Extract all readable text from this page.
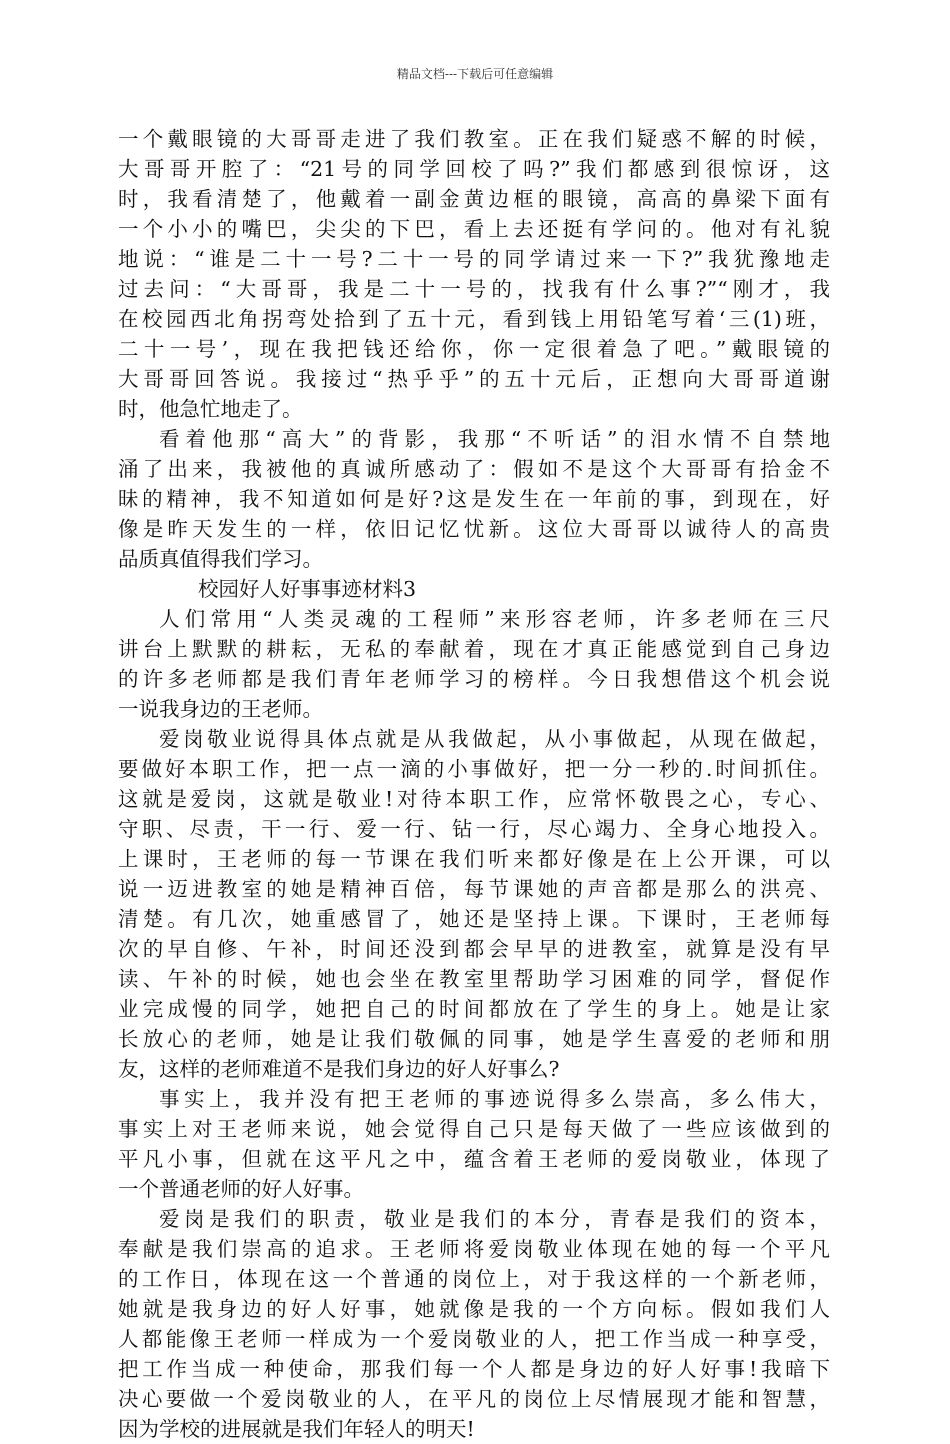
精品文档---下载后可任意编辑
一个戴眼镜的大哥哥走进了我们教室。正在我们疑惑不解的时候，
大哥哥开腔了：“21号的同学回校了吗?”我们都感到很惊讶，这
时，我看清楚了，他戴着一副金黄边框的眼镜，高高的鼻梁下面有
一个小小的嘴巴，尖尖的下巴，看上去还挺有学问的。他对有礼貌
地说：“谁是二十一号?二十一号的同学请过来一下?”我犹豫地走
过去问：“大哥哥，我是二十一号的，找我有什么事?”“刚才，我
在校园西北角拐弯处拾到了五十元，看到钱上用铅笔写着‘三(1)班，
二十一号’，现在我把钱还给你，你一定很着急了吧。”戴眼镜的
大哥哥回答说。我接过“热乎乎”的五十元后，正想向大哥哥道谢
时，他急忙地走了。
看着他那“高大”的背影，我那“不听话”的泪水情不自禁地
涌了出来，我被他的真诚所感动了：假如不是这个大哥哥有拾金不
昧的精神，我不知道如何是好?这是发生在一年前的事，到现在，好
像是昨天发生的一样，依旧记忆忧新。这位大哥哥以诚待人的高贵
品质真值得我们学习。
校园好人好事事迹材料3
人们常用“人类灵魂的工程师”来形容老师，许多老师在三尺
讲台上默默的耕耘，无私的奉献着，现在才真正能感觉到自己身边
的许多老师都是我们青年老师学习的榜样。今日我想借这个机会说
一说我身边的王老师。
爱岗敬业说得具体点就是从我做起，从小事做起，从现在做起，
要做好本职工作，把一点一滴的小事做好，把一分一秒的.时间抓住。
这就是爱岗，这就是敬业!对待本职工作，应常怀敬畏之心，专心、
守职、尽责，干一行、爱一行、钻一行，尽心竭力、全身心地投入。
上课时，王老师的每一节课在我们听来都好像是在上公开课，可以
说一迈进教室的她是精神百倍，每节课她的声音都是那么的洪亮、
清楚。有几次，她重感冒了，她还是坚持上课。下课时，王老师每
次的早自修、午补，时间还没到都会早早的进教室，就算是没有早
读、午补的时候，她也会坐在教室里帮助学习困难的同学，督促作
业完成慢的同学，她把自己的时间都放在了学生的身上。她是让家
长放心的老师，她是让我们敬佩的同事，她是学生喜爱的老师和朋
友，这样的老师难道不是我们身边的好人好事么?
事实上，我并没有把王老师的事迹说得多么崇高，多么伟大，
事实上对王老师来说，她会觉得自己只是每天做了一些应该做到的
平凡小事，但就在这平凡之中，蕴含着王老师的爱岗敬业，体现了
一个普通老师的好人好事。
爱岗是我们的职责，敬业是我们的本分，青春是我们的资本，
奉献是我们崇高的追求。王老师将爱岗敬业体现在她的每一个平凡
的工作日，体现在这一个普通的岗位上，对于我这样的一个新老师，
她就是我身边的好人好事，她就像是我的一个方向标。假如我们人
人都能像王老师一样成为一个爱岗敬业的人，把工作当成一种享受，
把工作当成一种使命，那我们每一个人都是身边的好人好事!我暗下
决心要做一个爱岗敬业的人，在平凡的岗位上尽情展现才能和智慧，
因为学校的进展就是我们年轻人的明天!
